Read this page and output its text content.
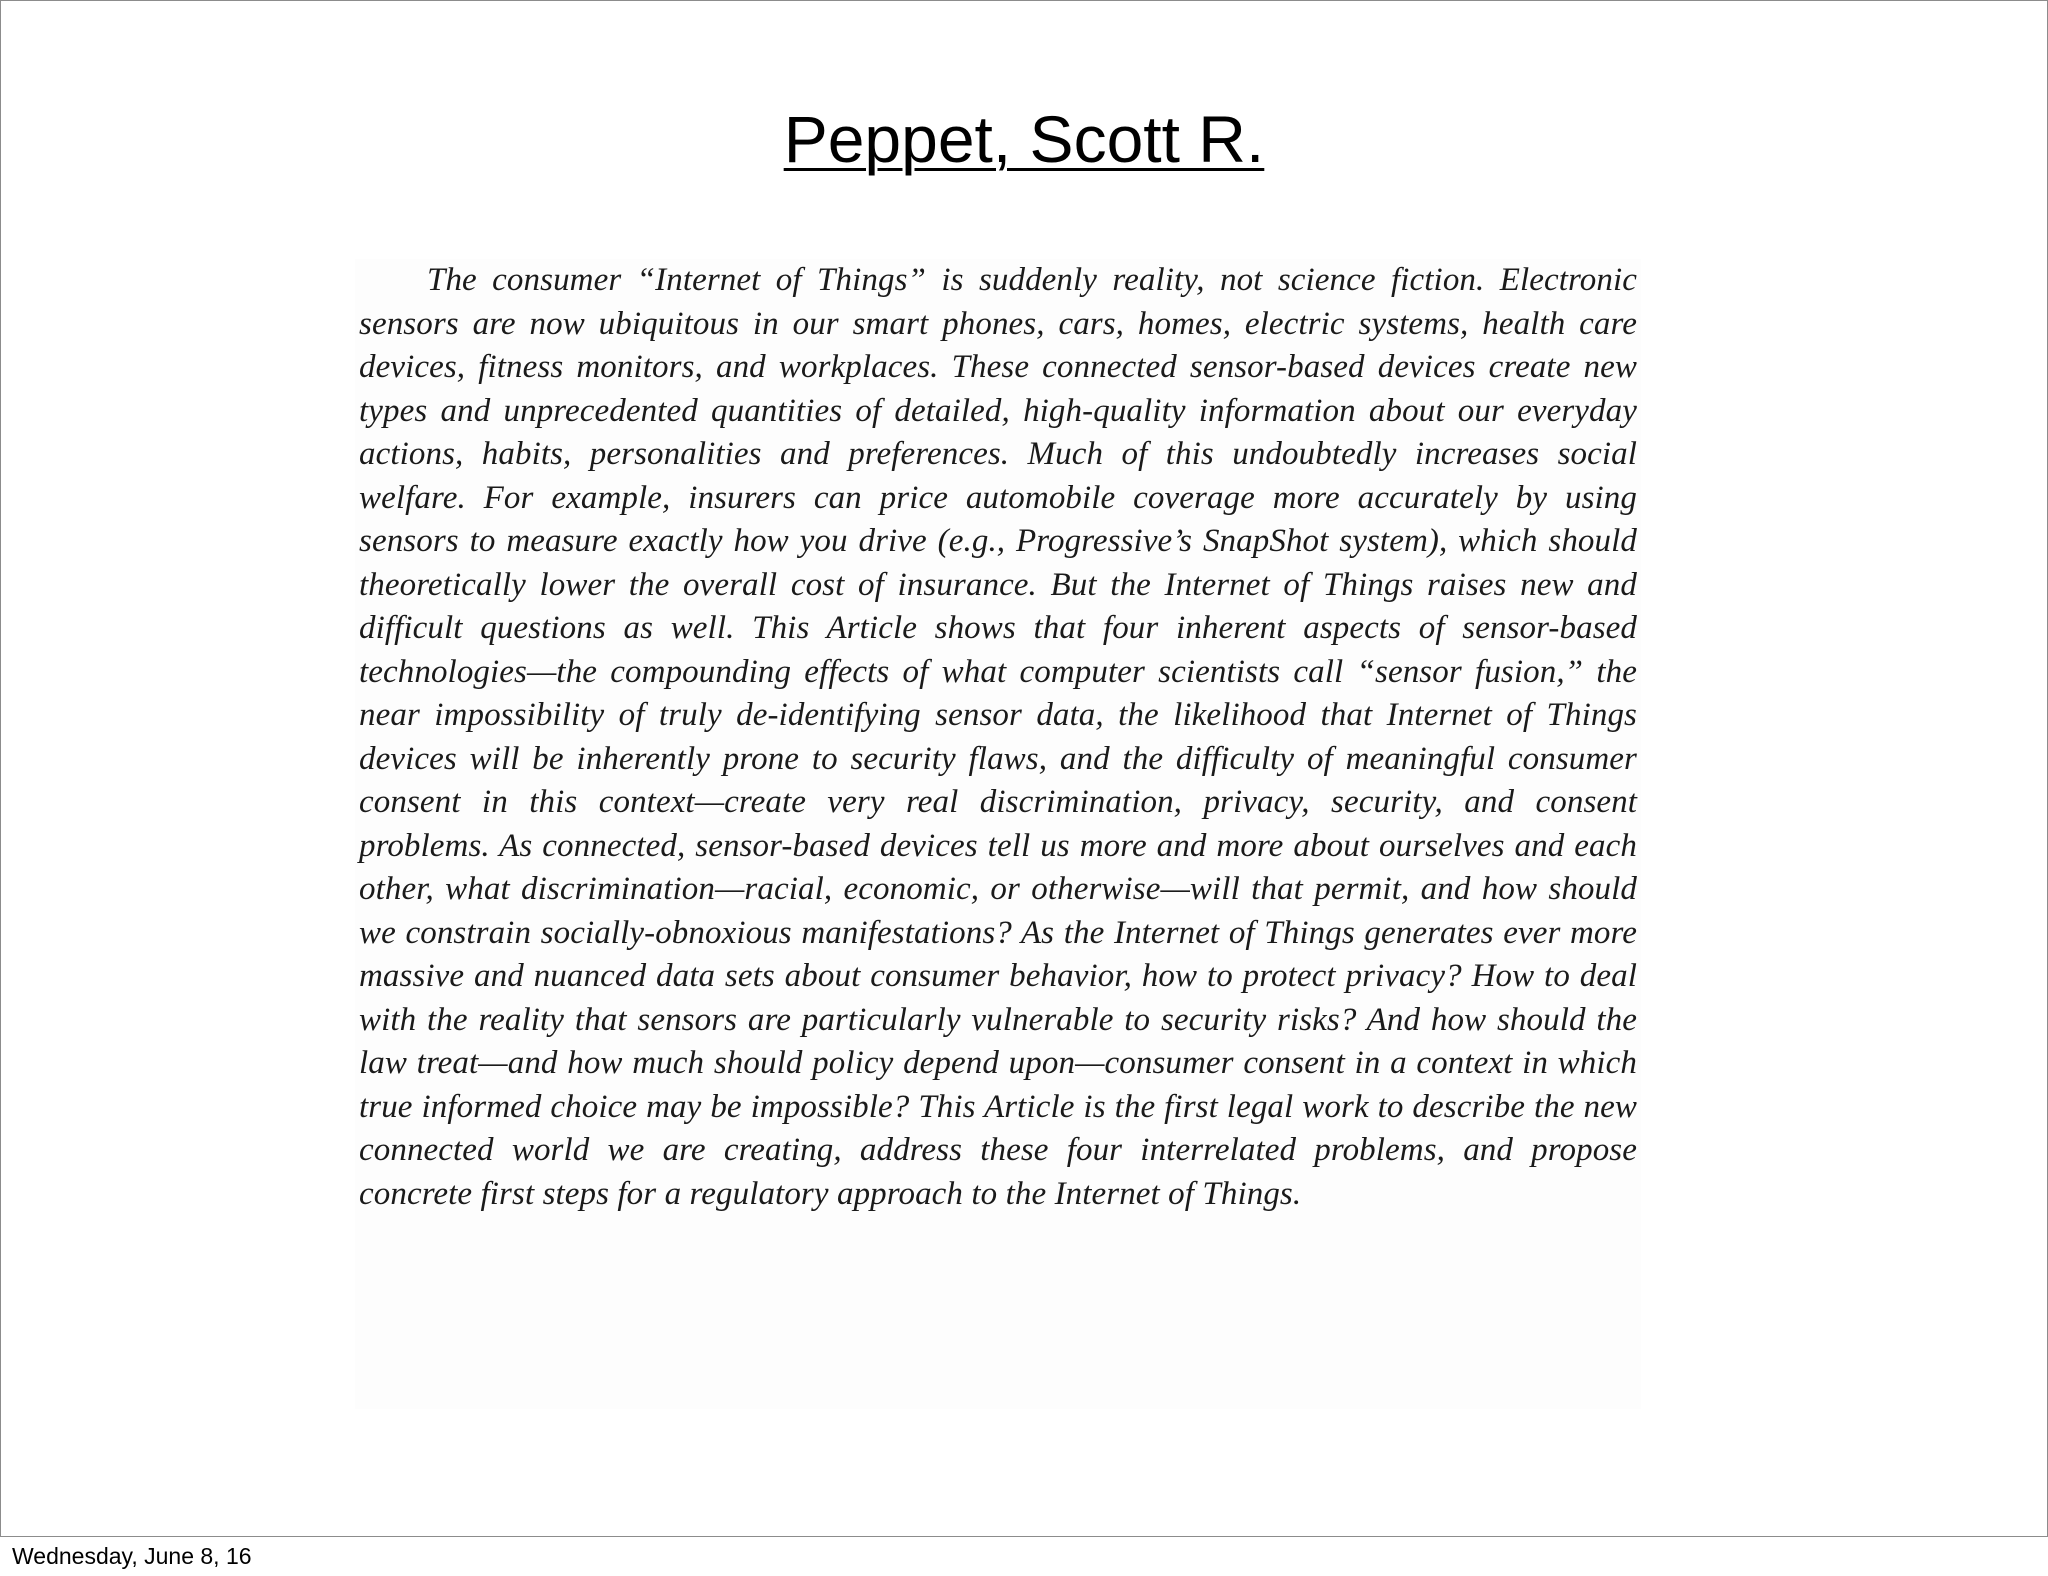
Peppet, Scott R.

The consumer “Internet of Things” is suddenly reality, not science fiction. Electronic sensors are now ubiquitous in our smart phones, cars, homes, electric systems, health care devices, fitness monitors, and workplaces. These connected sensor-based devices create new types and unprecedented quantities of detailed, high-quality information about our everyday actions, habits, personalities and preferences. Much of this undoubtedly increases social welfare. For example, insurers can price automobile coverage more accurately by using sensors to measure exactly how you drive (e.g., Progressive’s SnapShot system), which should theoretically lower the overall cost of insurance. But the Internet of Things raises new and difficult questions as well. This Article shows that four inherent aspects of sensor-based technologies—the compounding effects of what computer scientists call “sensor fusion,” the near impossibility of truly de-identifying sensor data, the likelihood that Internet of Things devices will be inherently prone to security flaws, and the difficulty of meaningful consumer consent in this context—create very real discrimination, privacy, security, and consent problems. As connected, sensor-based devices tell us more and more about ourselves and each other, what discrimination—racial, economic, or otherwise—will that permit, and how should we constrain socially-obnoxious manifestations? As the Internet of Things generates ever more massive and nuanced data sets about consumer behavior, how to protect privacy? How to deal with the reality that sensors are particularly vulnerable to security risks? And how should the law treat—and how much should policy depend upon—consumer consent in a context in which true informed choice may be impossible? This Article is the first legal work to describe the new connected world we are creating, address these four interrelated problems, and propose concrete first steps for a regulatory approach to the Internet of Things.

Wednesday, June 8, 16
